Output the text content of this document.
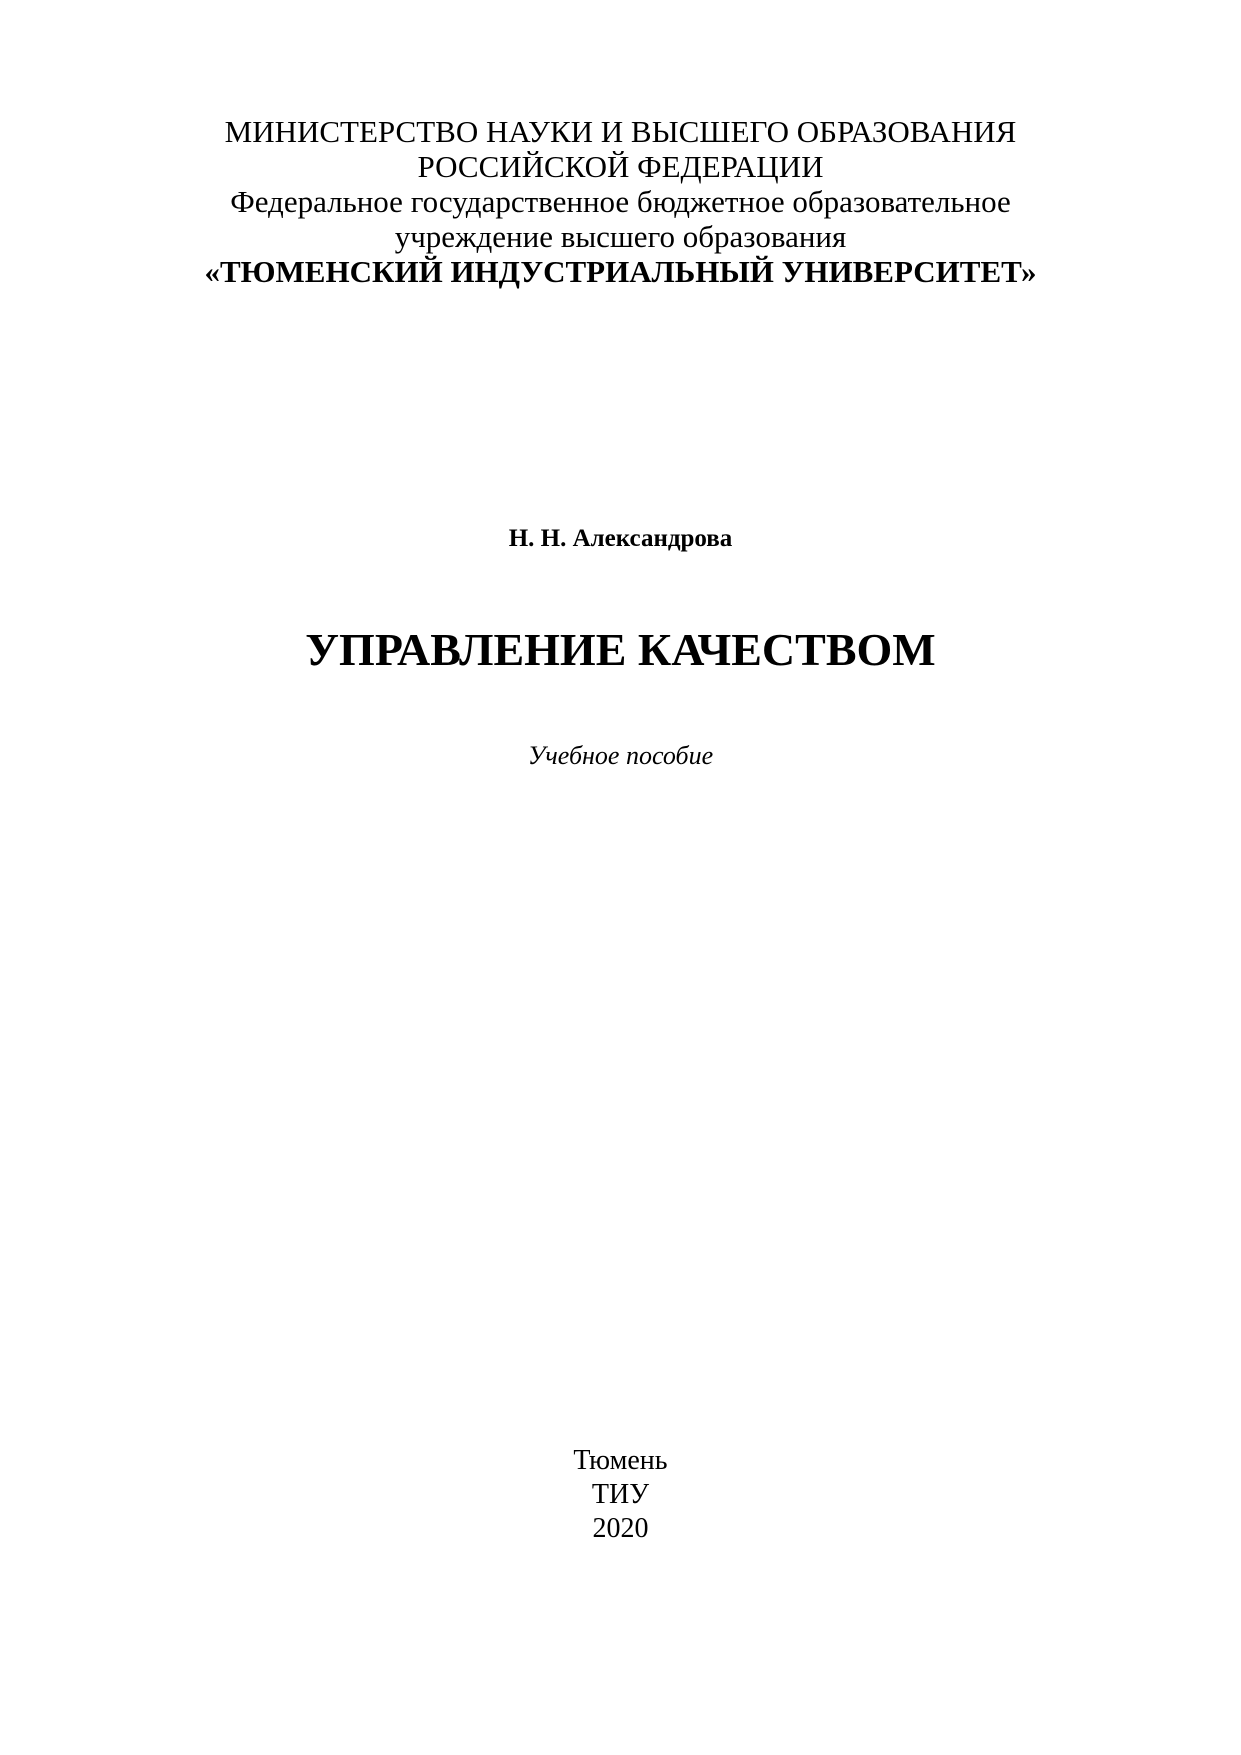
МИНИСТЕРСТВО НАУКИ И ВЫСШЕГО ОБРАЗОВАНИЯ
РОССИЙСКОЙ ФЕДЕРАЦИИ
Федеральное государственное бюджетное образовательное
учреждение высшего образования
«ТЮМЕНСКИЙ ИНДУСТРИАЛЬНЫЙ УНИВЕРСИТЕТ»
Н. Н. Александрова
УПРАВЛЕНИЕ КАЧЕСТВОМ
Учебное пособие
Тюмень
ТИУ
2020
